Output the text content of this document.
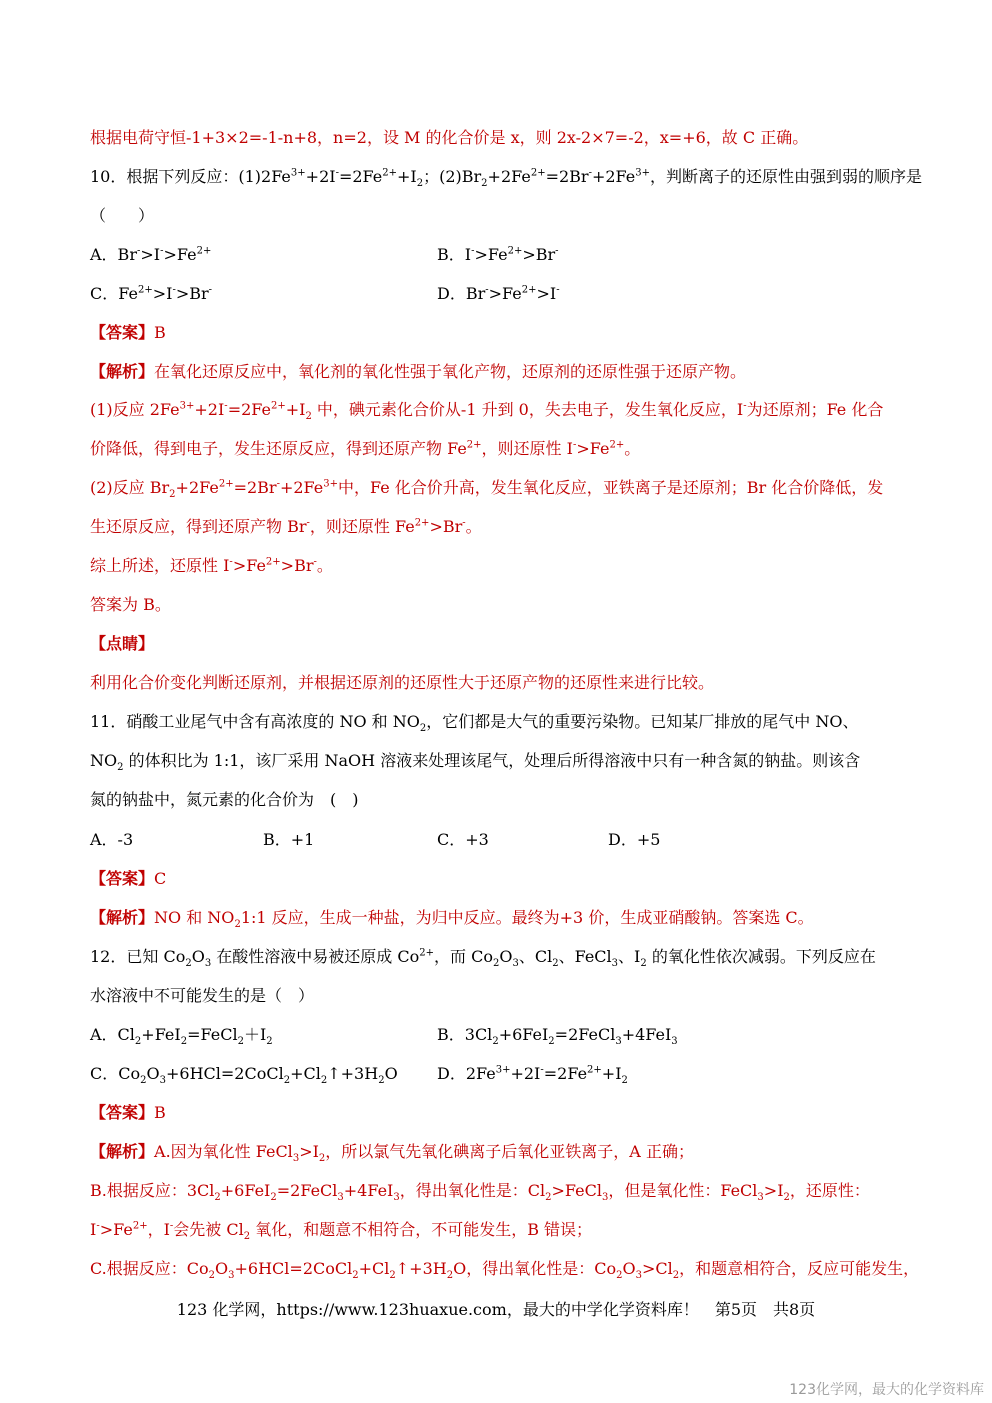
根据电荷守恒-1+3×2=-1-n+8，n=2，设 M 的化合价是 x，则 2x-2×7=-2，x=+6，故 C 正确。
10．根据下列反应：$(1)2Fe^{3+}+2I^-=2Fe^{2+}+I_2$；$(2)Br_2+2Fe^{2+}=2Br^-+2Fe^{3+}$，判断离子的还原性由强到弱的顺序是
（　　）
A．$Br^->I^->Fe^{2+}$	B．$I^->Fe^{2+}>Br^-$
C．$Fe^{2+}>I^->Br^-$	D．$Br^->Fe^{2+}>I^-$
【答案】B
【解析】在氧化还原反应中，氧化剂的氧化性强于氧化产物，还原剂的还原性强于还原产物。
(1)反应 $2Fe^{3+}+2I^-=2Fe^{2+}+I_2$ 中，碘元素化合价从-1 升到 0，失去电子，发生氧化反应，I-为还原剂；Fe 化合
价降低，得到电子，发生还原反应，得到还原产物 $Fe^{2+}$，则还原性 $I^->Fe^{2+}$。
(2)反应 $Br_2+2Fe^{2+}=2Br^-+2Fe^{3+}$中，Fe 化合价升高，发生氧化反应，亚铁离子是还原剂；Br 化合价降低，发
生还原反应，得到还原产物 Br-，则还原性 $Fe^{2+}>Br^-$。
综上所述，还原性 $I^->Fe^{2+}>Br^-$。
答案为 B。
【点睛】
利用化合价变化判断还原剂，并根据还原剂的还原性大于还原产物的还原性来进行比较。
11．硝酸工业尾气中含有高浓度的 NO 和 $NO_2$，它们都是大气的重要污染物。已知某厂排放的尾气中 NO、
$NO_2$ 的体积比为 1:1，该厂采用 NaOH 溶液来处理该尾气，处理后所得溶液中只有一种含氮的钠盐。则该含
氮的钠盐中，氮元素的化合价为　(　)
A．-3	B．+1	C．+3	D．+5
【答案】C
【解析】NO 和 $NO_21:1$ 反应，生成一种盐，为归中反应。最终为+3 价，生成亚硝酸钠。答案选 C。
12．已知 $Co_2O_3$ 在酸性溶液中易被还原成 $Co^{2+}$，而 $Co_2O_3$、$Cl_2$、FeCl$_3$、$I_2$ 的氧化性依次减弱。下列反应在
水溶液中不可能发生的是（　）
A．$Cl_2+FeI_2=FeCl_2+I_2$	B．$3Cl_2+6FeI_2=2FeCl_3+4FeI_3$
C．$Co_2O_3+6HCl=2CoCl_2+Cl_2↑+3H_2O$ D．$2Fe^{3+}+2I^-=2Fe^{2+}+I_2$
【答案】B
【解析】A.因为氧化性 $FeCl_3>I_2$，所以氯气先氧化碘离子后氧化亚铁离子，A 正确；
B.根据反应：$3Cl_2+6FeI_2=2FeCl_3+4FeI_3$，得出氧化性是：$Cl_2>FeCl_3$，但是氧化性：$FeCl_3>I_2$，还原性：
$I^->Fe^{2+}$，I-会先被 $Cl_2$ 氧化，和题意不相符合，不可能发生，B 错误；
C.根据反应：$Co_2O_3+6HCl=2CoCl_2+Cl_2↑+3H_2O$，得出氧化性是：$Co_2O_3>Cl_2$，和题意相符合，反应可能发生，
123 化学网，https://www.123huaxue.com，最大的中学化学资料库！　第5页　共8页
123化学网，最大的化学资料库
